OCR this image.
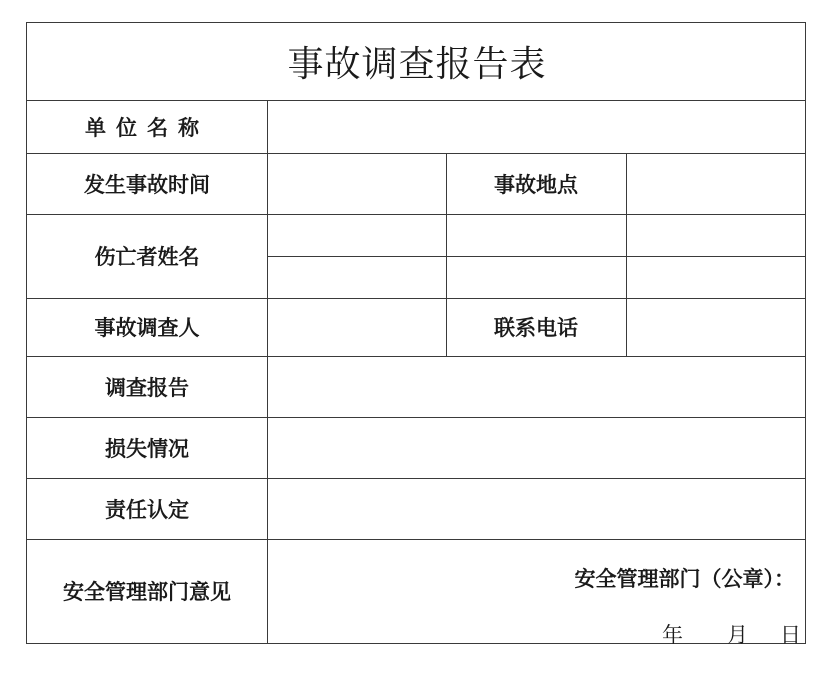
事故调查报告表
单位名称
发生事故时间	事故地点
伤亡者姓名
事故调查人	联系电话
调查报告
损失情况
责任认定
安全管理部门意见
安全管理部门（公章）：
年 月 日
